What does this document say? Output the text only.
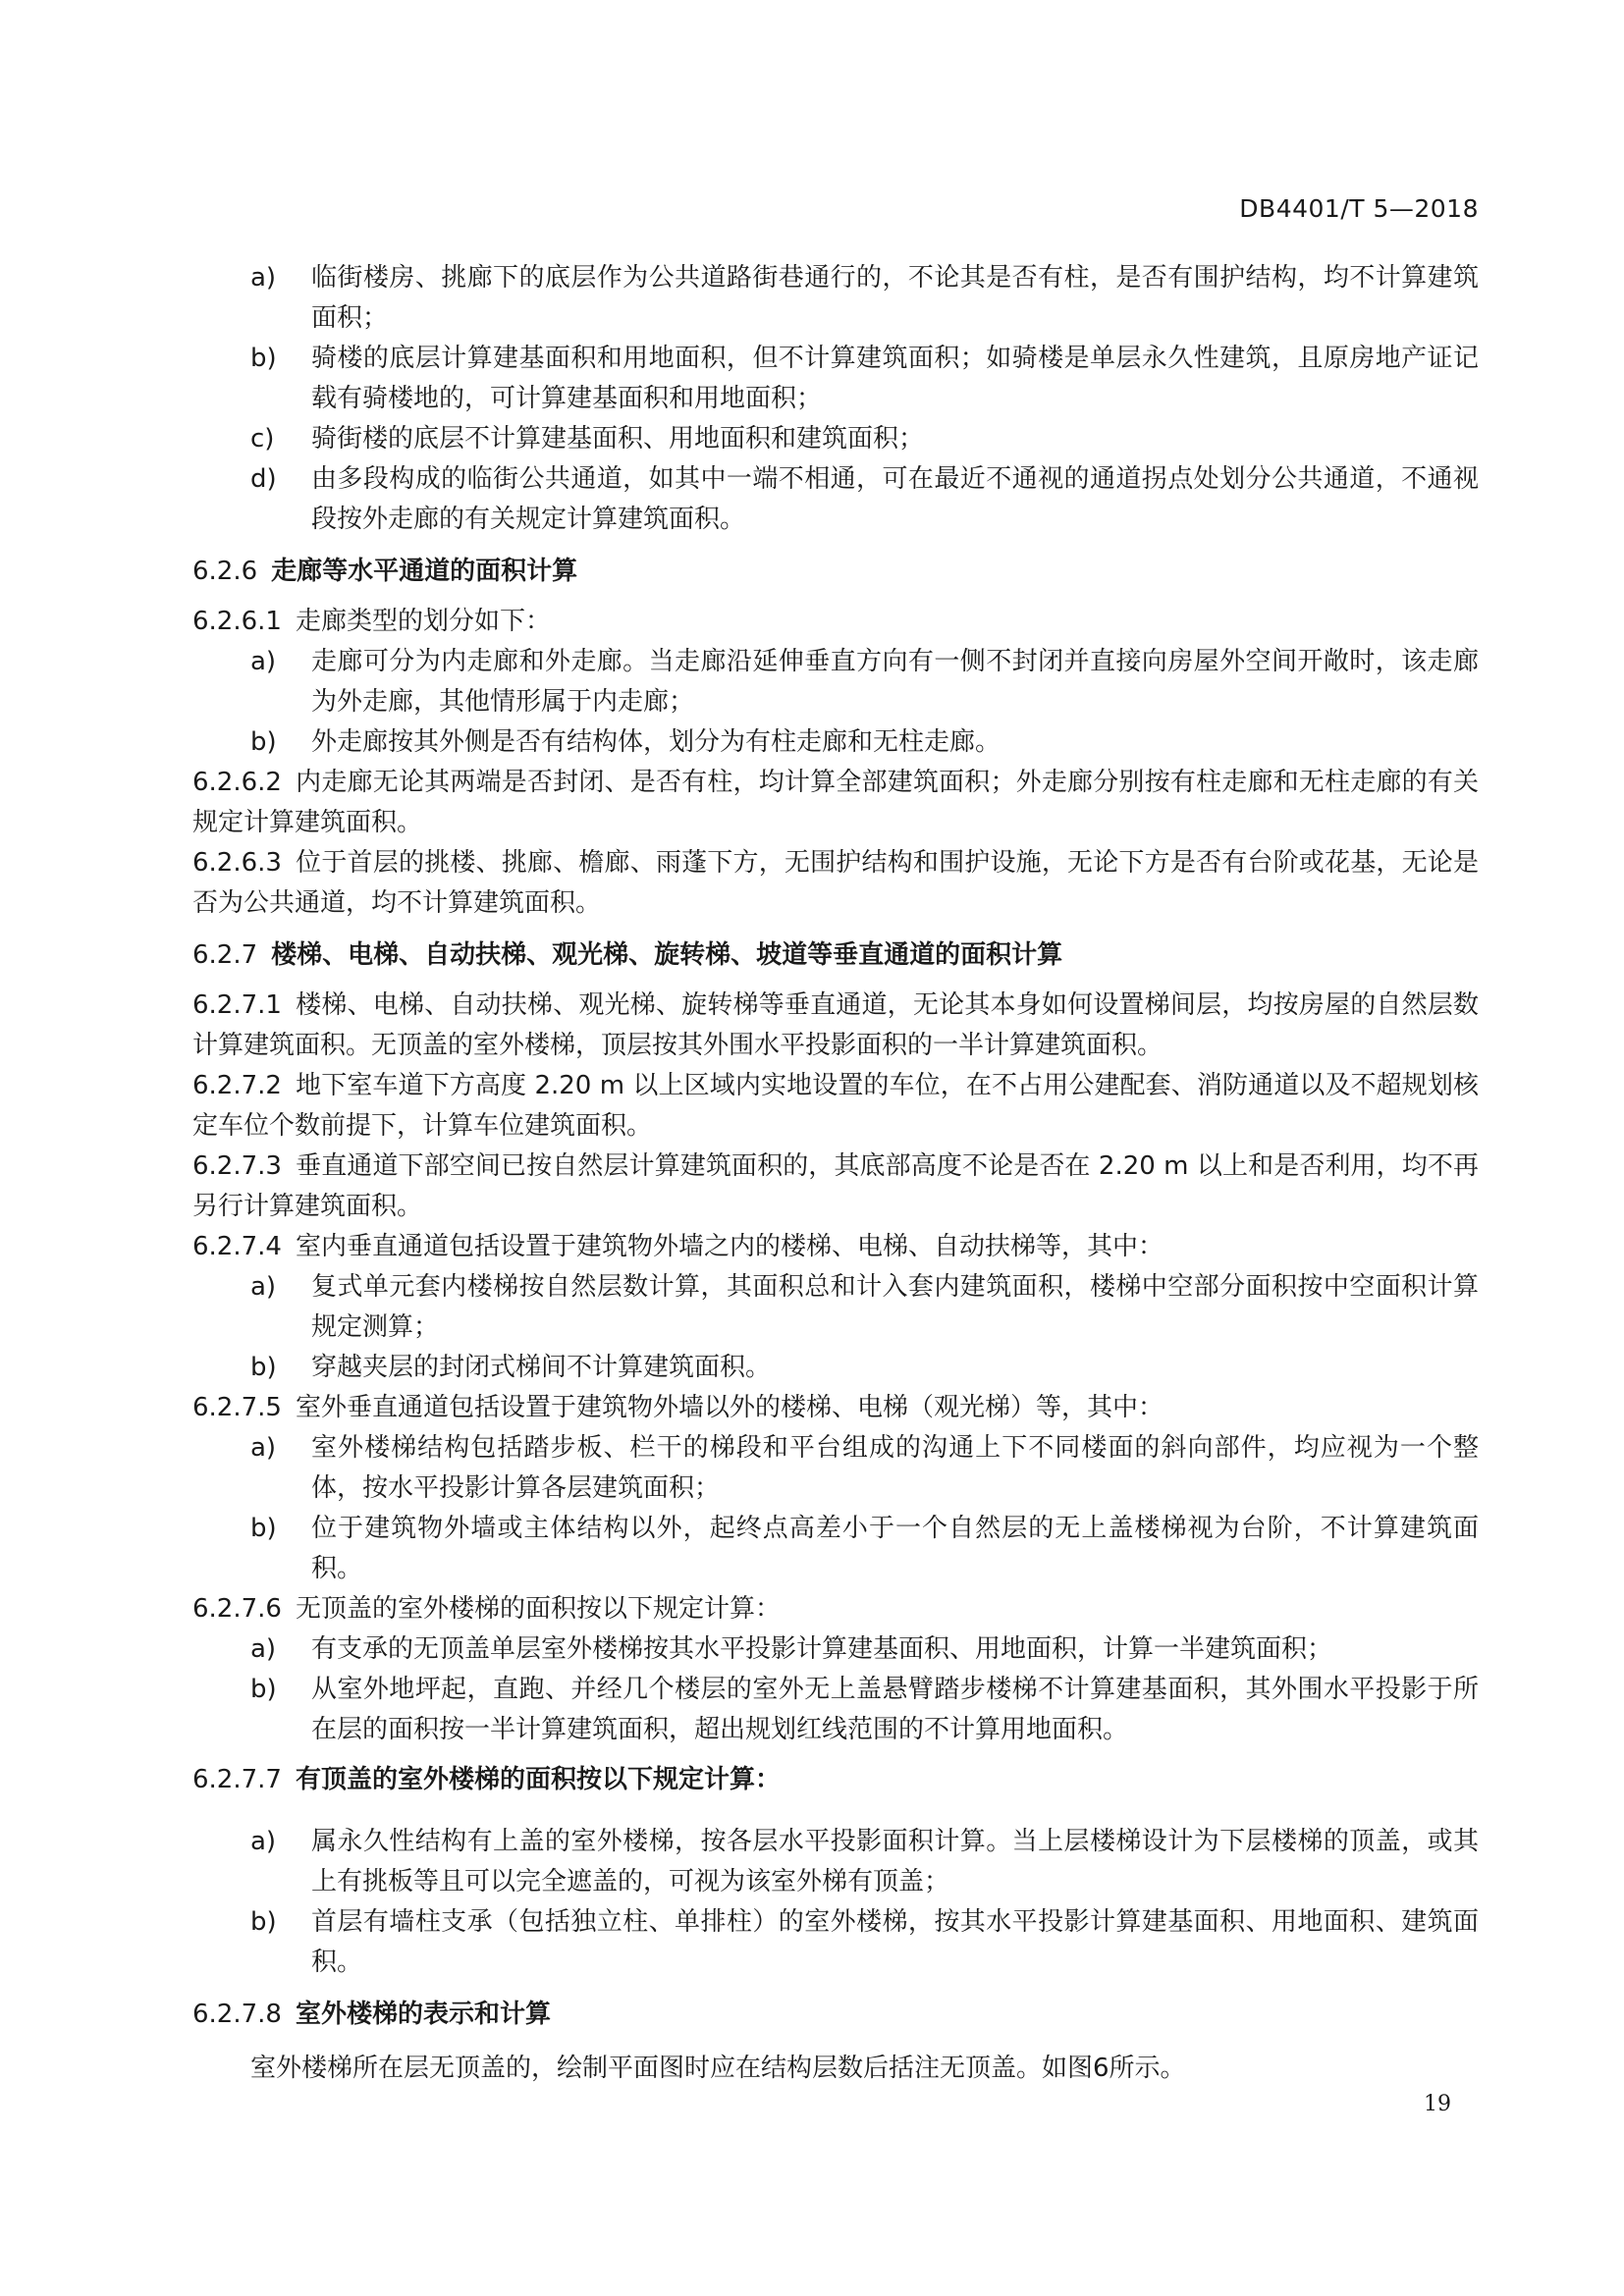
DB4401/T 5—2018
a)	临街楼房、挑廊下的底层作为公共道路街巷通行的，不论其是否有柱，是否有围护结构，均不计算建筑面积；
b)	骑楼的底层计算建基面积和用地面积，但不计算建筑面积；如骑楼是单层永久性建筑，且原房地产证记载有骑楼地的，可计算建基面积和用地面积；
c)	骑街楼的底层不计算建基面积、用地面积和建筑面积；
d)	由多段构成的临街公共通道，如其中一端不相通，可在最近不通视的通道拐点处划分公共通道，不通视段按外走廊的有关规定计算建筑面积。
6.2.6 走廊等水平通道的面积计算
6.2.6.1 走廊类型的划分如下：
a)	走廊可分为内走廊和外走廊。当走廊沿延伸垂直方向有一侧不封闭并直接向房屋外空间开敞时，该走廊为外走廊，其他情形属于内走廊；
b)	外走廊按其外侧是否有结构体，划分为有柱走廊和无柱走廊。
6.2.6.2 内走廊无论其两端是否封闭、是否有柱，均计算全部建筑面积；外走廊分别按有柱走廊和无柱走廊的有关规定计算建筑面积。
6.2.6.3 位于首层的挑楼、挑廊、檐廊、雨蓬下方，无围护结构和围护设施，无论下方是否有台阶或花基，无论是否为公共通道，均不计算建筑面积。
6.2.7 楼梯、电梯、自动扶梯、观光梯、旋转梯、坡道等垂直通道的面积计算
6.2.7.1 楼梯、电梯、自动扶梯、观光梯、旋转梯等垂直通道，无论其本身如何设置梯间层，均按房屋的自然层数计算建筑面积。无顶盖的室外楼梯，顶层按其外围水平投影面积的一半计算建筑面积。
6.2.7.2 地下室车道下方高度 2.20 m 以上区域内实地设置的车位，在不占用公建配套、消防通道以及不超规划核定车位个数前提下，计算车位建筑面积。
6.2.7.3 垂直通道下部空间已按自然层计算建筑面积的，其底部高度不论是否在 2.20 m 以上和是否利用，均不再另行计算建筑面积。
6.2.7.4 室内垂直通道包括设置于建筑物外墙之内的楼梯、电梯、自动扶梯等，其中：
a)	复式单元套内楼梯按自然层数计算，其面积总和计入套内建筑面积，楼梯中空部分面积按中空面积计算规定测算；
b)	穿越夹层的封闭式梯间不计算建筑面积。
6.2.7.5 室外垂直通道包括设置于建筑物外墙以外的楼梯、电梯（观光梯）等，其中：
a)	室外楼梯结构包括踏步板、栏干的梯段和平台组成的沟通上下不同楼面的斜向部件，均应视为一个整体，按水平投影计算各层建筑面积；
b)	位于建筑物外墙或主体结构以外，起终点高差小于一个自然层的无上盖楼梯视为台阶，不计算建筑面积。
6.2.7.6 无顶盖的室外楼梯的面积按以下规定计算：
a)	有支承的无顶盖单层室外楼梯按其水平投影计算建基面积、用地面积，计算一半建筑面积；
b)	从室外地坪起，直跑、并经几个楼层的室外无上盖悬臂踏步楼梯不计算建基面积，其外围水平投影于所在层的面积按一半计算建筑面积，超出规划红线范围的不计算用地面积。
6.2.7.7 有顶盖的室外楼梯的面积按以下规定计算：
a)	属永久性结构有上盖的室外楼梯，按各层水平投影面积计算。当上层楼梯设计为下层楼梯的顶盖，或其上有挑板等且可以完全遮盖的，可视为该室外梯有顶盖；
b)	首层有墙柱支承（包括独立柱、单排柱）的室外楼梯，按其水平投影计算建基面积、用地面积、建筑面积。
6.2.7.8 室外楼梯的表示和计算
室外楼梯所在层无顶盖的，绘制平面图时应在结构层数后括注无顶盖。如图6所示。
19
